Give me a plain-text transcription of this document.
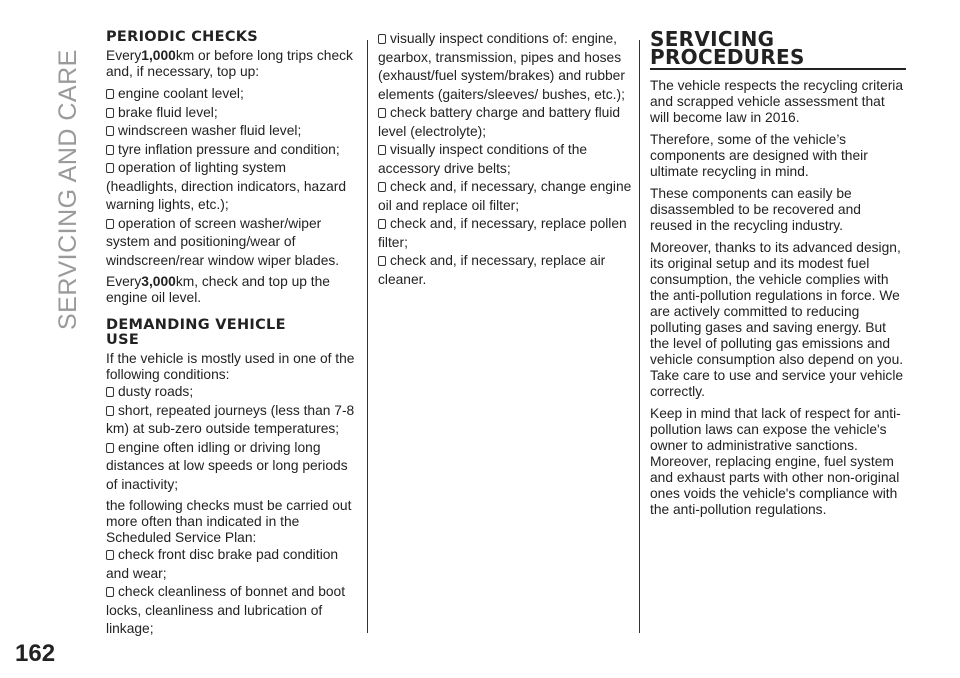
SERVICING AND CARE
162
PERIODIC CHECKS

Every1,000km or before long trips check and, if necessary, top up:

engine coolant level;
brake fluid level;
windscreen washer fluid level;
tyre inflation pressure and condition;
operation of lighting system (headlights, direction indicators, hazard warning lights, etc.);
operation of screen washer/wiper system and positioning/wear of windscreen/rear window wiper blades.

Every3,000km, check and top up the engine oil level.

DEMANDING VEHICLE
USE

If the vehicle is mostly used in one of the following conditions:

dusty roads;
short, repeated journeys (less than 7-8 km) at sub-zero outside temperatures;
engine often idling or driving long distances at low speeds or long periods of inactivity;

the following checks must be carried out more often than indicated in the Scheduled Service Plan:

check front disc brake pad condition and wear;
check cleanliness of bonnet and boot locks, cleanliness and lubrication of linkage;
visually inspect conditions of: engine, gearbox, transmission, pipes and hoses (exhaust/fuel system/brakes) and rubber elements (gaiters/sleeves/ bushes, etc.);
check battery charge and battery fluid level (electrolyte);
visually inspect conditions of the accessory drive belts;
check and, if necessary, change engine oil and replace oil filter;
check and, if necessary, replace pollen filter;
check and, if necessary, replace air cleaner.
SERVICING
PROCEDURES

The vehicle respects the recycling criteria and scrapped vehicle assessment that will become law in 2016.

Therefore, some of the vehicle’s components are designed with their ultimate recycling in mind.

These components can easily be disassembled to be recovered and reused in the recycling industry.

Moreover, thanks to its advanced design, its original setup and its modest fuel consumption, the vehicle complies with the anti-pollution regulations in force. We are actively committed to reducing polluting gases and saving energy. But the level of polluting gas emissions and vehicle consumption also depend on you. Take care to use and service your vehicle correctly.

Keep in mind that lack of respect for anti-pollution laws can expose the vehicle's owner to administrative sanctions. Moreover, replacing engine, fuel system and exhaust parts with other non-original ones voids the vehicle's compliance with the anti-pollution regulations.
